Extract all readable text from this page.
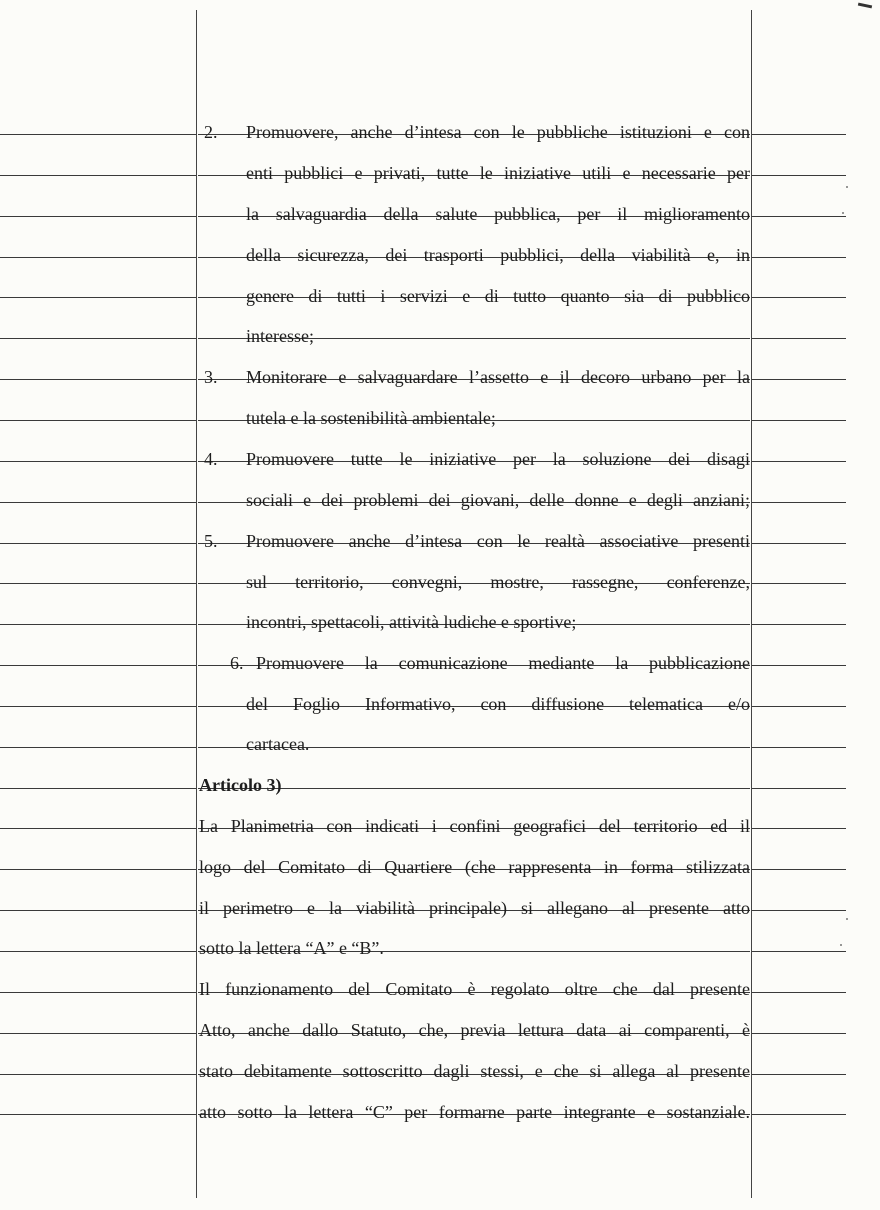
2. Promuovere, anche d’intesa con le pubbliche istituzioni e con

enti pubblici e privati, tutte le iniziative utili e necessarie per

la salvaguardia della salute pubblica, per il miglioramento

della sicurezza, dei trasporti pubblici, della viabilità e, in

genere di tutti i servizi e di tutto quanto sia di pubblico

interesse;

3. Monitorare e salvaguardare l’assetto e il decoro urbano per la

tutela e la sostenibilità ambientale;

4. Promuovere tutte le iniziative per la soluzione dei disagi

sociali e dei problemi dei giovani, delle donne e degli anziani;

5. Promuovere anche d’intesa con le realtà associative presenti

sul territorio, convegni, mostre, rassegne, conferenze,

incontri, spettacoli, attività ludiche e sportive;

6. Promuovere la comunicazione mediante la pubblicazione

del Foglio Informativo, con diffusione telematica e/o

cartacea.

Articolo 3)

La Planimetria con indicati i confini geografici del territorio ed il

logo del Comitato di Quartiere (che rappresenta in forma stilizzata

il perimetro e la viabilità principale) si allegano al presente atto

sotto la lettera “A” e “B”.

Il funzionamento del Comitato è regolato oltre che dal presente

Atto, anche dallo Statuto, che, previa lettura data ai comparenti, è

stato debitamente sottoscritto dagli stessi, e che si allega al presente

atto sotto la lettera “C” per formarne parte integrante e sostanziale.
